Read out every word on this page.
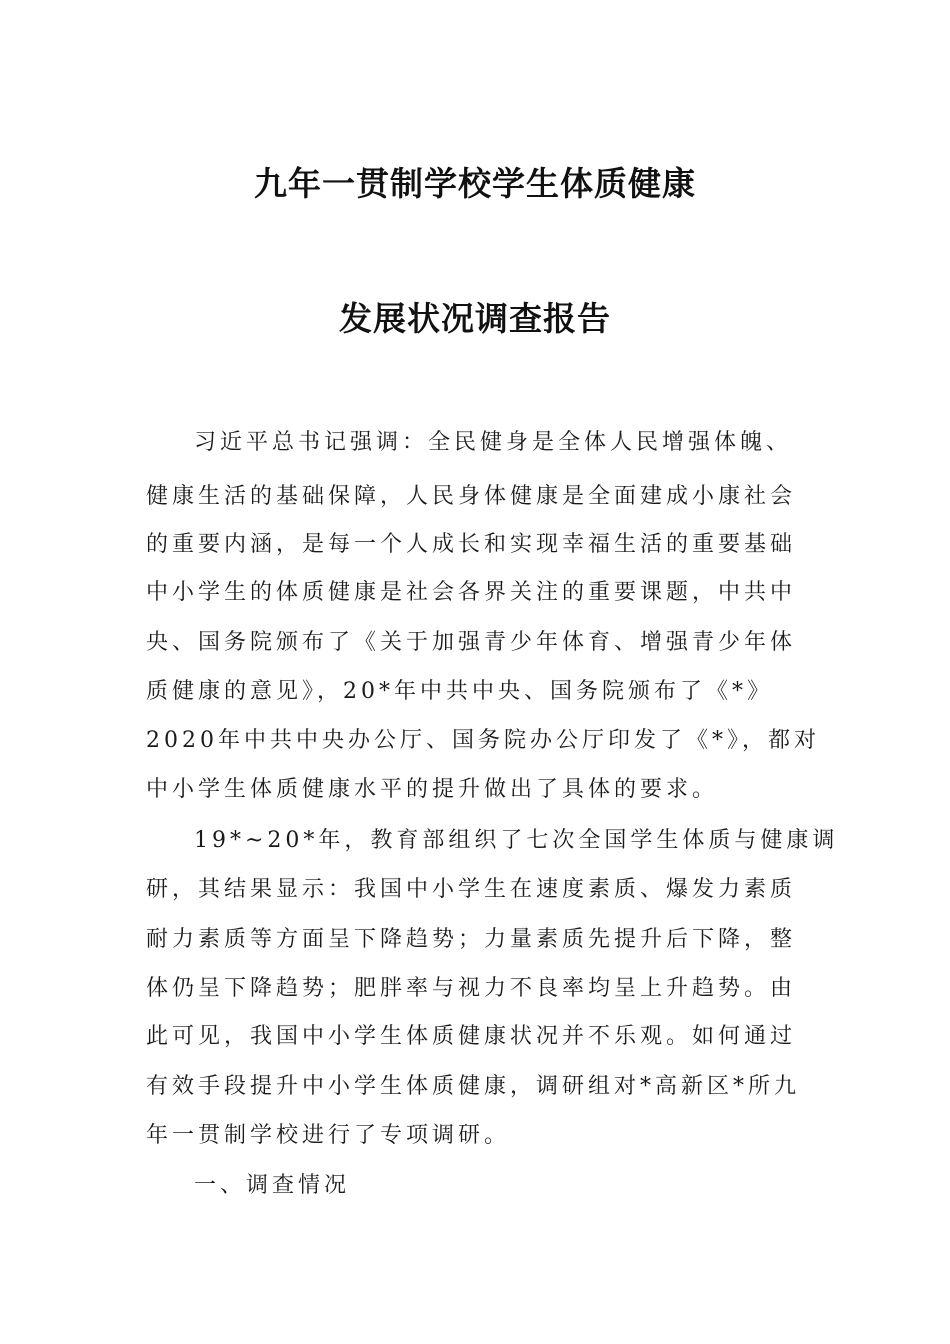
九年一贯制学校学生体质健康
发展状况调查报告
习近平总书记强调：全民健身是全体人民增强体魄、
健康生活的基础保障，人民身体健康是全面建成小康社会
的重要内涵，是每一个人成长和实现幸福生活的重要基础
中小学生的体质健康是社会各界关注的重要课题，中共中
央、国务院颁布了《关于加强青少年体育、增强青少年体
质健康的意见》，20*年中共中央、国务院颁布了《*》
2020年中共中央办公厅、国务院办公厅印发了《*》，都对
中小学生体质健康水平的提升做出了具体的要求。
19*~20*年，教育部组织了七次全国学生体质与健康调
研，其结果显示：我国中小学生在速度素质、爆发力素质
耐力素质等方面呈下降趋势；力量素质先提升后下降，整
体仍呈下降趋势；肥胖率与视力不良率均呈上升趋势。由
此可见，我国中小学生体质健康状况并不乐观。如何通过
有效手段提升中小学生体质健康，调研组对*高新区*所九
年一贯制学校进行了专项调研。
一、调查情况
